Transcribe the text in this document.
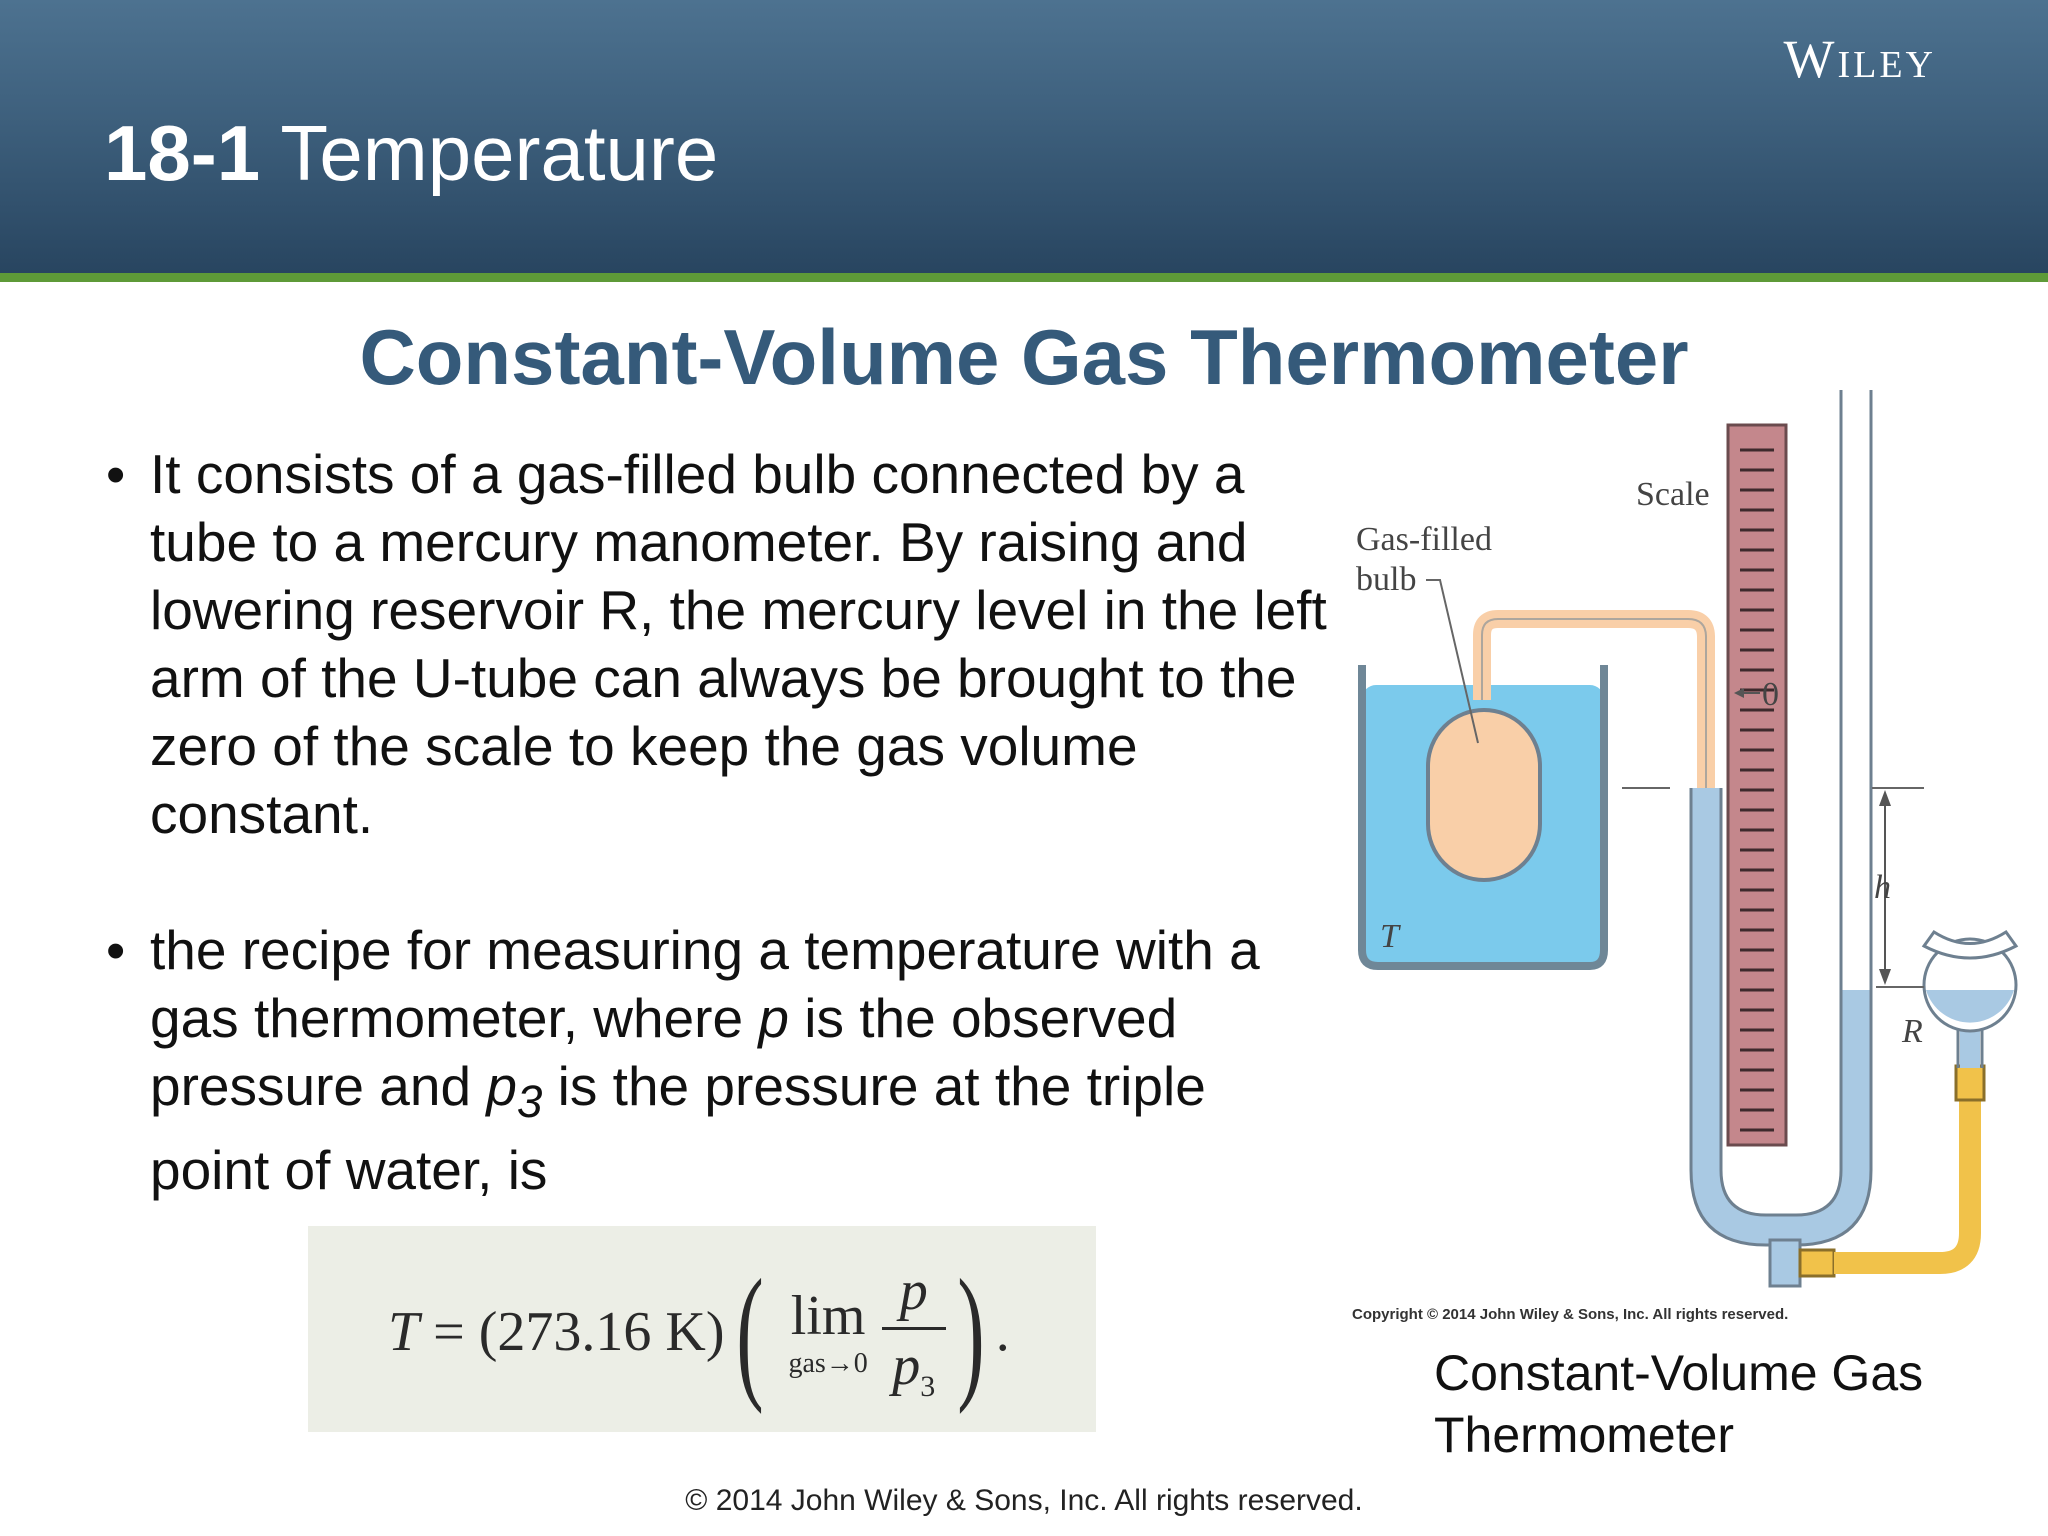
Wiley
18-1 Temperature
Constant-Volume Gas Thermometer
• It consists of a gas-filled bulb connected by a tube to a mercury manometer. By raising and lowering reservoir R, the mercury level in the left arm of the U-tube can always be brought to the zero of the scale to keep the gas volume constant.
• the recipe for measuring a temperature with a gas thermometer, where p is the observed pressure and $p_3$ is the pressure at the triple point of water, is
T = (273.16 K) ( lim
$gas\to 0 \frac{p}{p_3}$ ) .
Scale
Gas-filled
bulb
0
h
T
R
Copyright © 2014 John Wiley & Sons, Inc. All rights reserved.
Constant-Volume Gas Thermometer
© 2014 John Wiley & Sons, Inc. All rights reserved.
